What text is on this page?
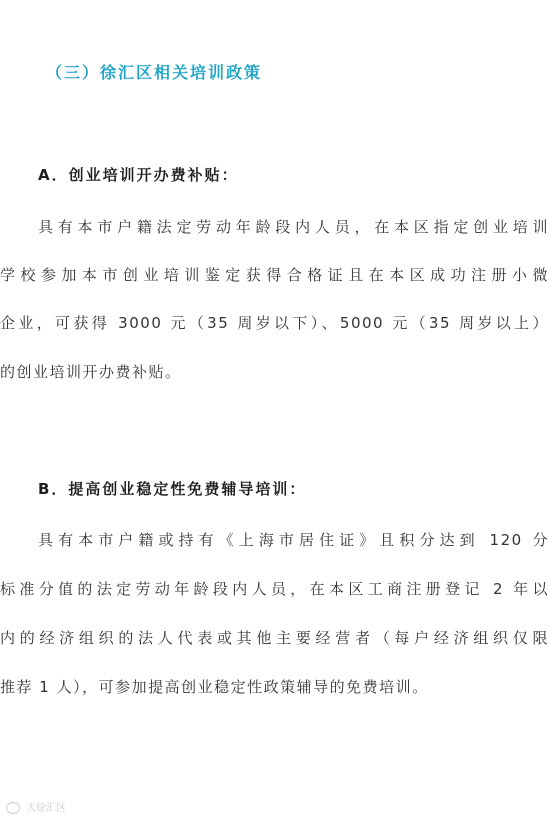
（三）徐汇区相关培训政策
A．创业培训开办费补贴：
具有本市户籍法定劳动年龄段内人员，在本区指定创业培训
学校参加本市创业培训鉴定获得合格证且在本区成功注册小微
企业，可获得 3000 元（35 周岁以下）、5000 元（35 周岁以上）
的创业培训开办费补贴。
B．提高创业稳定性免费辅导培训：
具有本市户籍或持有《上海市居住证》且积分达到 120 分
标准分值的法定劳动年龄段内人员，在本区工商注册登记 2 年以
内的经济组织的法人代表或其他主要经营者（每户经济组织仅限
推荐 1 人），可参加提高创业稳定性政策辅导的免费培训。
大徐汇区
